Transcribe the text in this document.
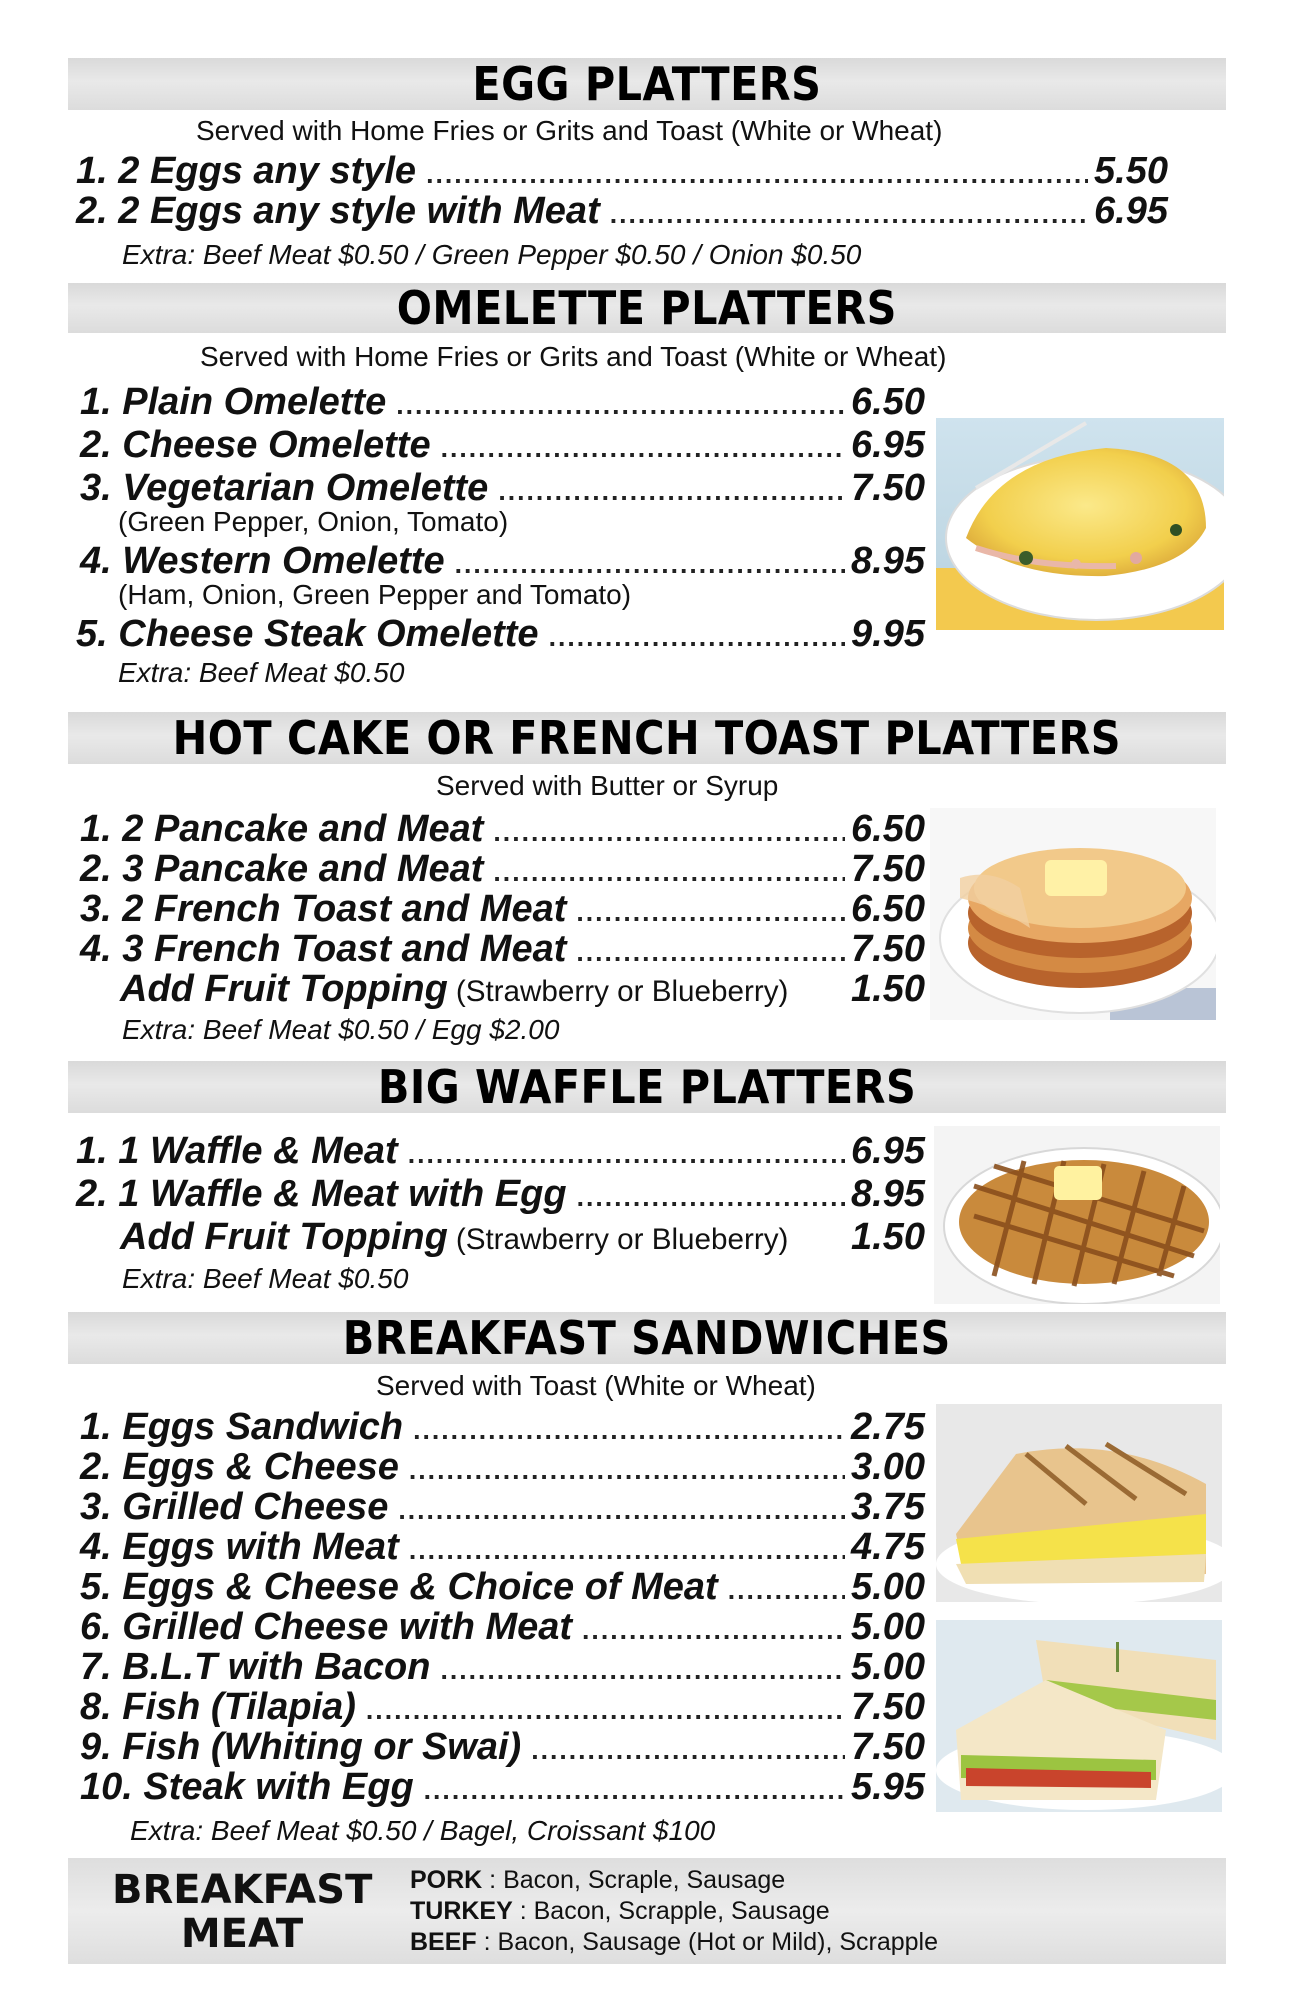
EGG PLATTERS
Served with Home Fries or Grits and Toast (White or Wheat)
1. 2 Eggs any style .....	5.50
2. 2 Eggs any style with Meat .....	6.95
Extra: Beef Meat $0.50 / Green Pepper $0.50 / Onion $0.50
OMELETTE PLATTERS
Served with Home Fries or Grits and Toast (White or Wheat)
1. Plain Omelette .....	6.50
2. Cheese Omelette .....	6.95
3. Vegetarian Omelette .....	7.50
(Green Pepper, Onion, Tomato)
4. Western Omelette .....	8.95
(Ham, Onion, Green Pepper and Tomato)
5. Cheese Steak Omelette .....	9.95
Extra: Beef Meat $0.50
HOT CAKE OR FRENCH TOAST PLATTERS
Served with Butter or Syrup
1. 2 Pancake and Meat .....	6.50
2. 3 Pancake and Meat .....	7.50
3. 2 French Toast and Meat .....	6.50
4. 3 French Toast and Meat .....	7.50
Add Fruit Topping (Strawberry or Blueberry) 1.50
Extra: Beef Meat $0.50 / Egg $2.00
BIG WAFFLE PLATTERS
1. 1 Waffle & Meat .....	6.95
2. 1 Waffle & Meat with Egg .....	8.95
Add Fruit Topping (Strawberry or Blueberry) 1.50
Extra: Beef Meat $0.50
BREAKFAST SANDWICHES
Served with Toast (White or Wheat)
1. Eggs Sandwich .....	2.75
2. Eggs & Cheese .....	3.00
3. Grilled Cheese .....	3.75
4. Eggs with Meat .....	4.75
5. Eggs & Cheese & Choice of Meat .....	5.00
6. Grilled Cheese with Meat .....	5.00
7. B.L.T with Bacon .....	5.00
8. Fish (Tilapia) .....	7.50
9. Fish (Whiting or Swai) .....	7.50
10. Steak with Egg .....	5.95
Extra: Beef Meat $0.50 / Bagel, Croissant $100
BREAKFAST
MEAT
PORK : Bacon, Scraple, Sausage
TURKEY : Bacon, Scrapple, Sausage
BEEF : Bacon, Sausage (Hot or Mild), Scrapple
